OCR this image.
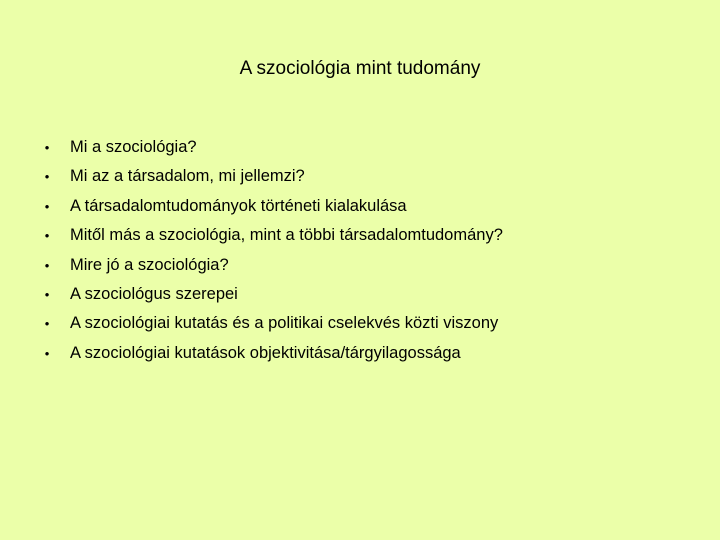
A szociológia mint tudomány
• Mi a szociológia?
• Mi az a társadalom, mi jellemzi?
• A társadalomtudományok történeti kialakulása
• Mitől más a szociológia, mint a többi társadalomtudomány?
• Mire jó a szociológia?
• A szociológus szerepei
• A szociológiai kutatás és a politikai cselekvés közti viszony
• A szociológiai kutatások objektivitása/tárgyilagossága
